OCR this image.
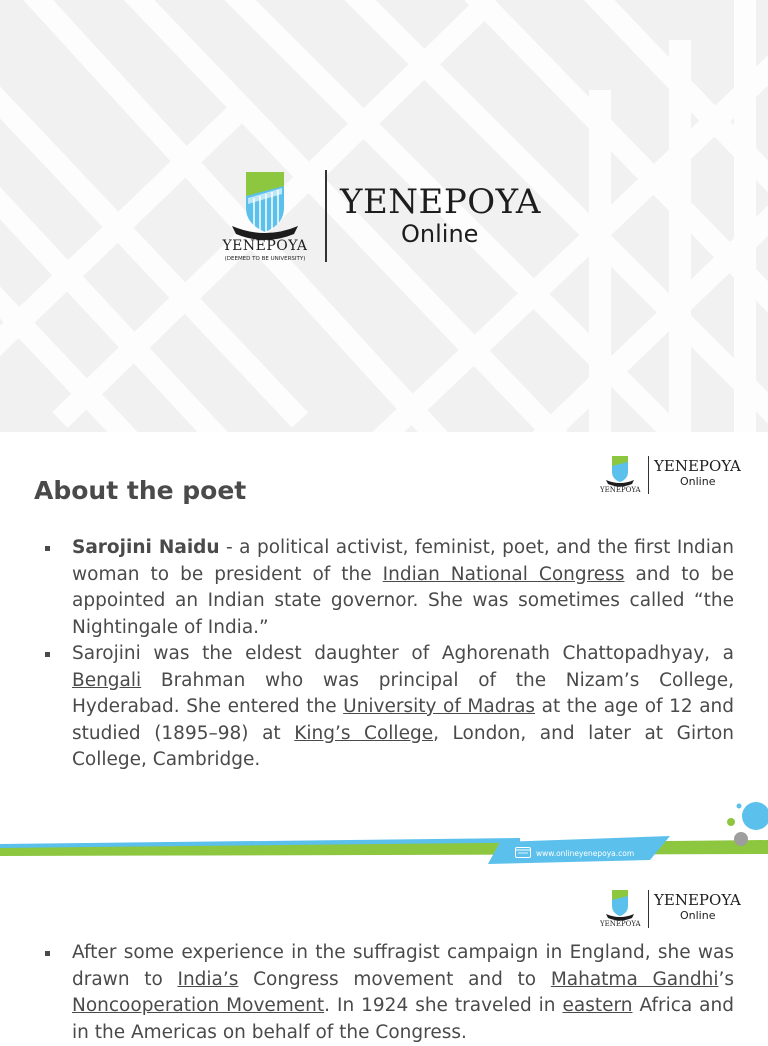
YENEPOYA
(DEEMED TO BE UNIVERSITY)
YENEPOYA
Online
YENEPOYA
YENEPOYA
Online
About the poet
Sarojini Naidu - a political activist, feminist, poet, and the first Indian woman to be president of the Indian National Congress and to be appointed an Indian state governor. She was sometimes called “the Nightingale of India.”
Sarojini was the eldest daughter of Aghorenath Chattopadhyay, a Bengali Brahman who was principal of the Nizam’s College, Hyderabad. She entered the University of Madras at the age of 12 and studied (1895–98) at King’s College, London, and later at Girton College, Cambridge.
www.onlineyenepoya.com
YENEPOYA
YENEPOYA
Online
After some experience in the suffragist campaign in England, she was drawn to India’s Congress movement and to Mahatma Gandhi’s Noncooperation Movement. In 1924 she traveled in eastern Africa and in the Americas on behalf of the Congress.
